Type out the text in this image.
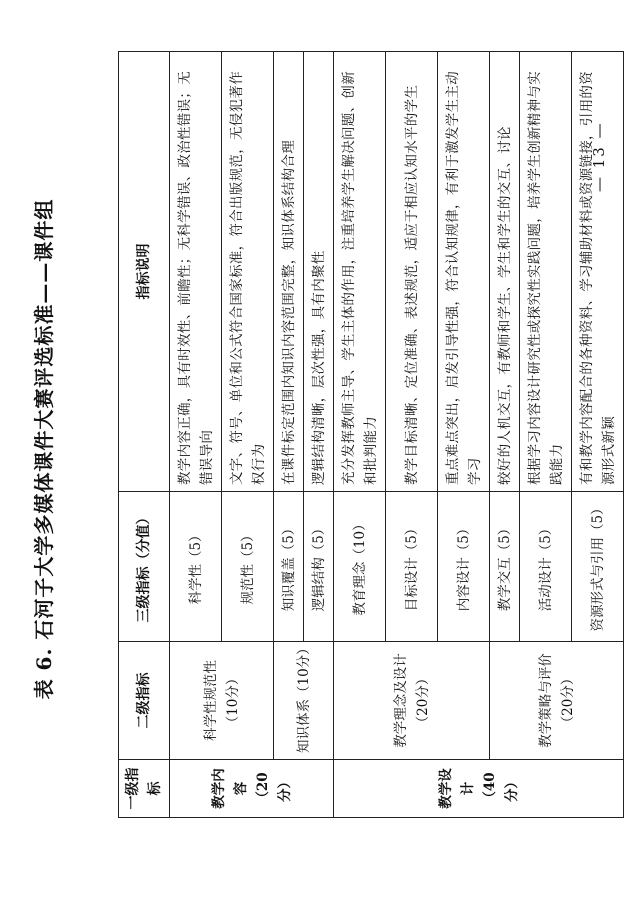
表 6. 石河子大学多媒体课件大赛评选标准——课件组
一级指标	二级指标	三级指标（分值）	指标说明
教学内容（20分）	科学性规范性（10分）	科学性（5）	教学内容正确，具有时效性、前瞻性；无科学错误、政治性错误；无错误导向
		规范性（5）	文字、符号、单位和公式符合国家标准，符合出版规范，无侵犯著作权行为
	知识体系（10分）	知识覆盖（5）	在课件标定范围内知识内容范围完整，知识体系结构合理
		逻辑结构（5）	逻辑结构清晰，层次性强，具有内聚性
教学设计（40分）	教学理念及设计（20分）	教育理念（10）	充分发挥教师主导、学生主体的作用，注重培养学生解决问题、创新和批判能力
		目标设计（5）	教学目标清晰、定位准确、表述规范，适应于相应认知水平的学生
		内容设计（5）	重点难点突出，启发引导性强，符合认知规律，有利于激发学生主动学习
	教学策略与评价（20分）	教学交互（5）	较好的人机交互，有教师和学生、学生和学生的交互、讨论
		活动设计（5）	根据学习内容设计研究性或探究性实践问题，培养学生创新精神与实践能力
		资源形式与引用（5）	有和教学内容配合的各种资料、学习辅助材料或资源链接，引用的资源形式新颖
— 13 —
